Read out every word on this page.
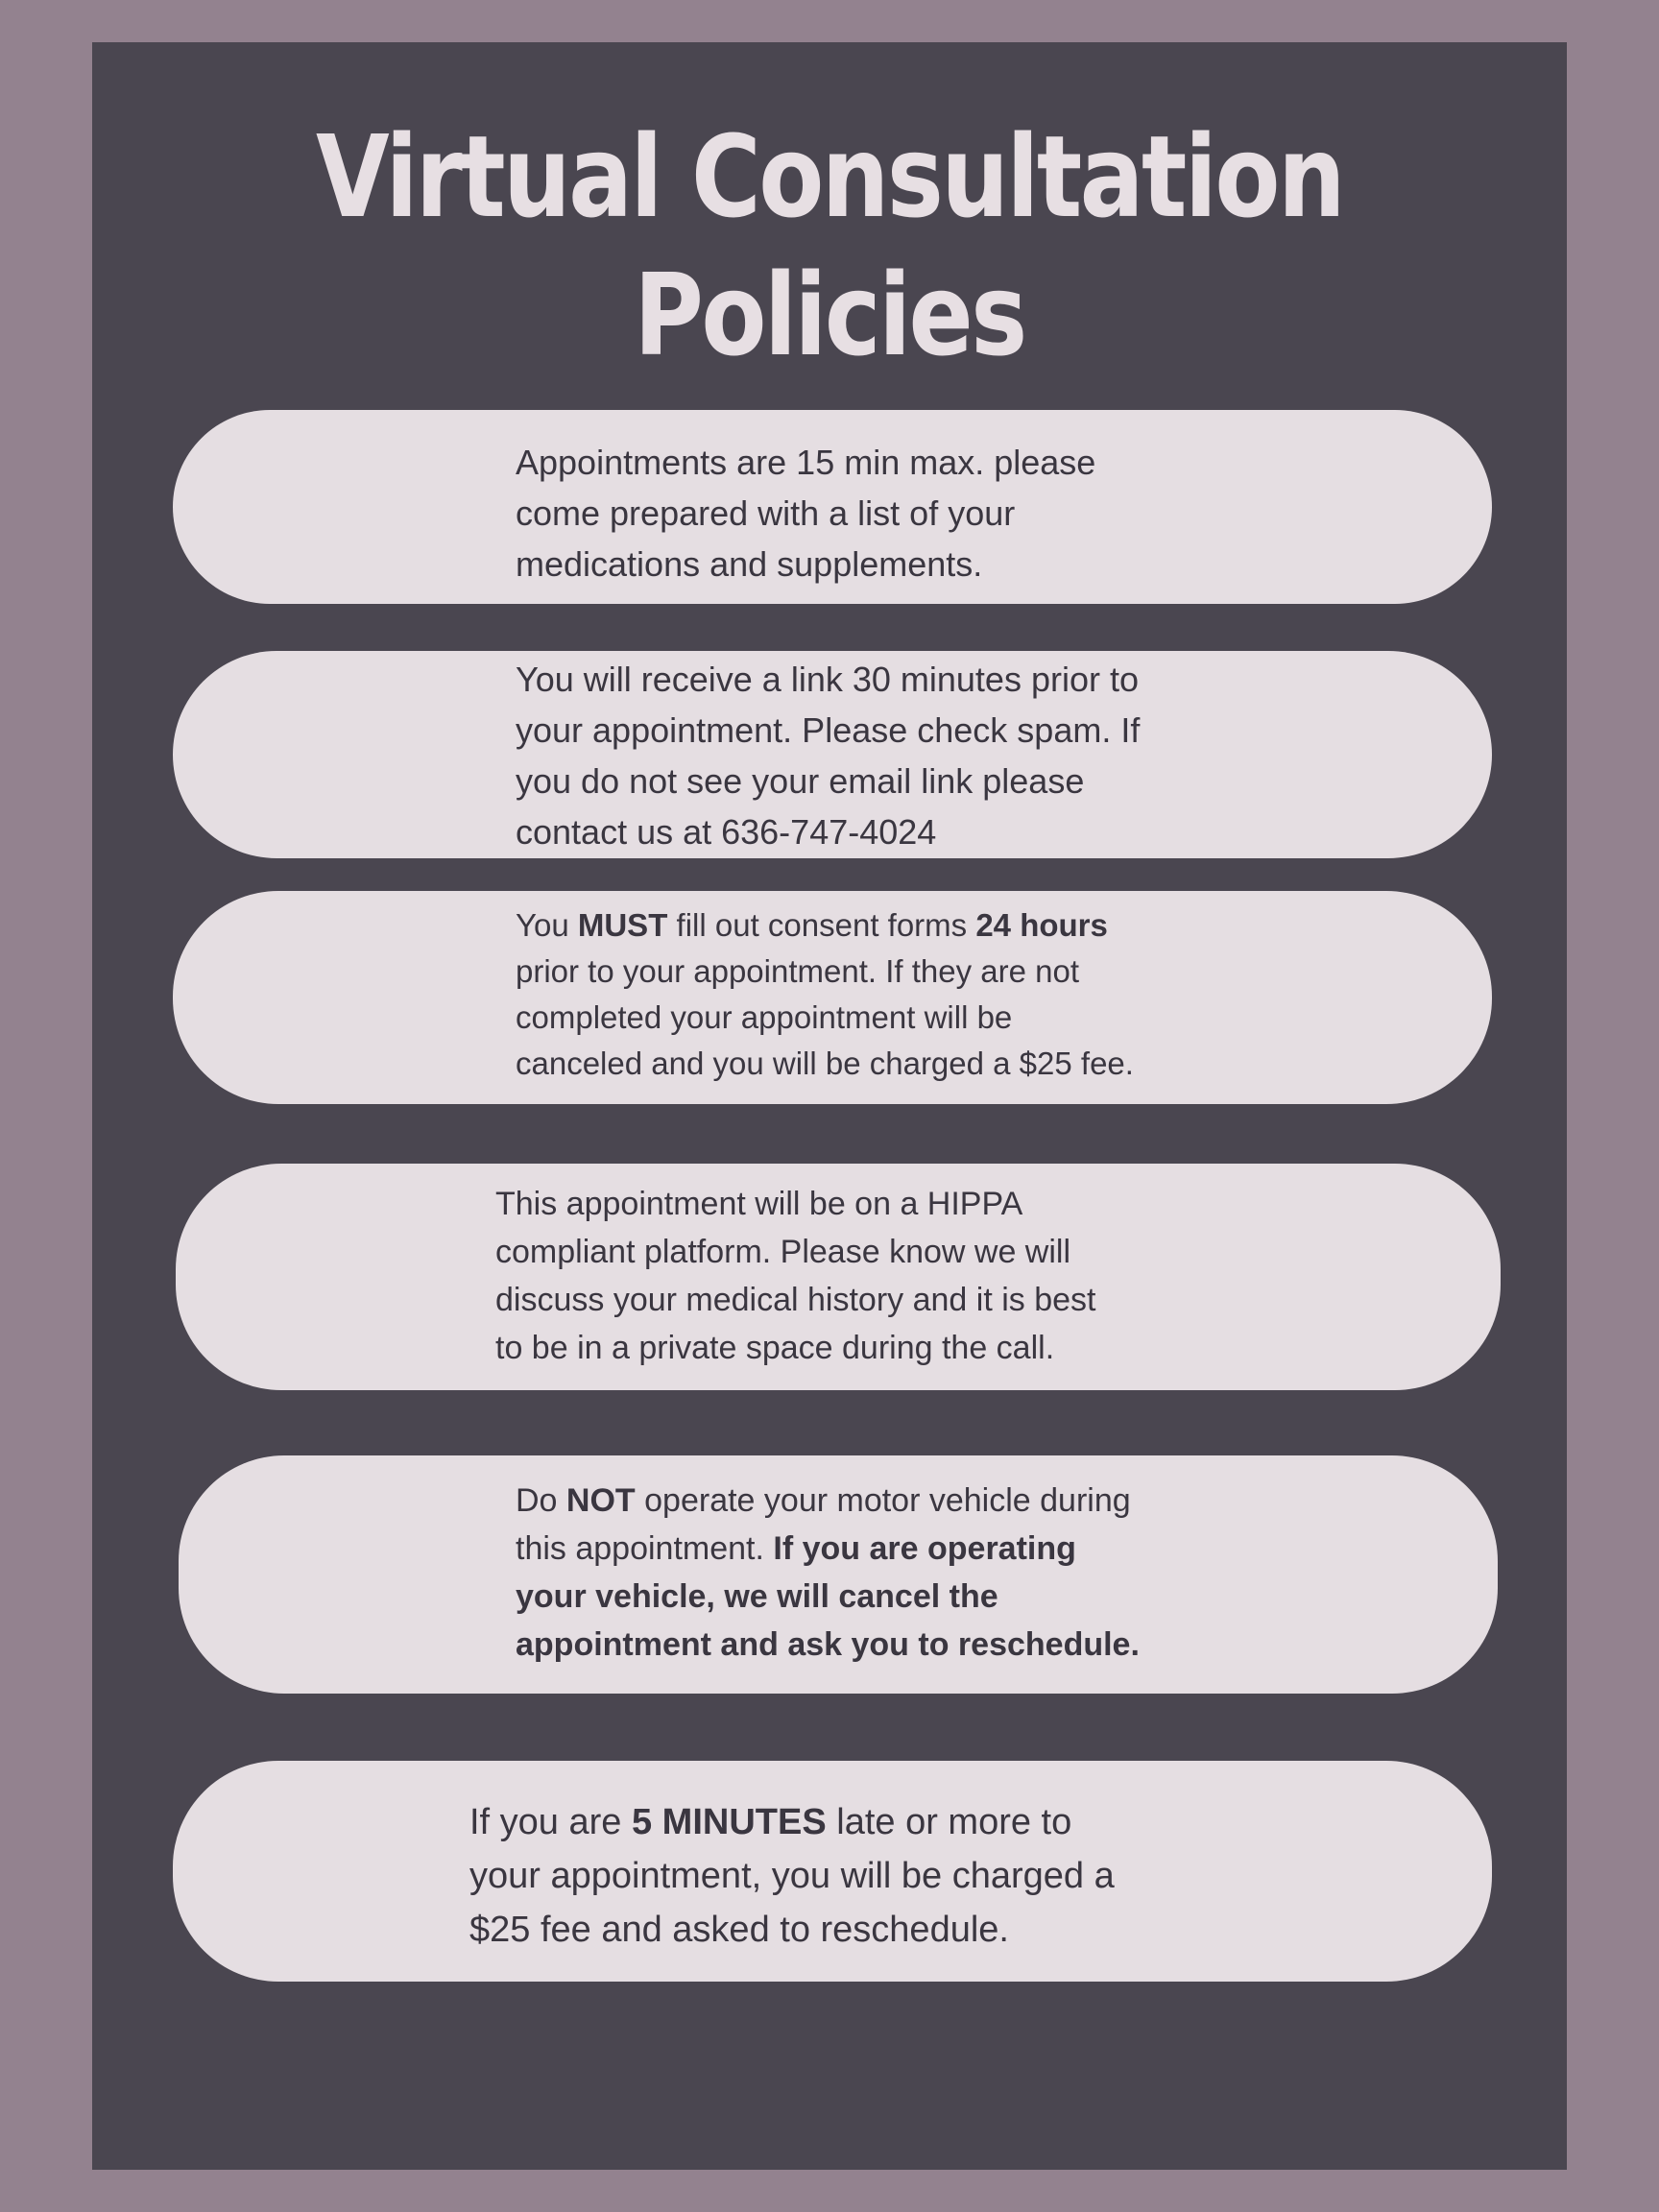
Virtual Consultation
Policies
Appointments are 15 min max. please
come prepared with a list of your
medications and supplements.
You will receive a link 30 minutes prior to
your appointment. Please check spam. If
you do not see your email link please
contact us at 636-747-4024
You MUST fill out consent forms 24 hours
prior to your appointment. If they are not
completed your appointment will be
canceled and you will be charged a $25 fee.
This appointment will be on a HIPPA
compliant platform. Please know we will
discuss your medical history and it is best
to be in a private space during the call.
Do NOT operate your motor vehicle during
this appointment. If you are operating
your vehicle, we will cancel the
appointment and ask you to reschedule.
If you are 5 MINUTES late or more to
your appointment, you will be charged a
$25 fee and asked to reschedule.
